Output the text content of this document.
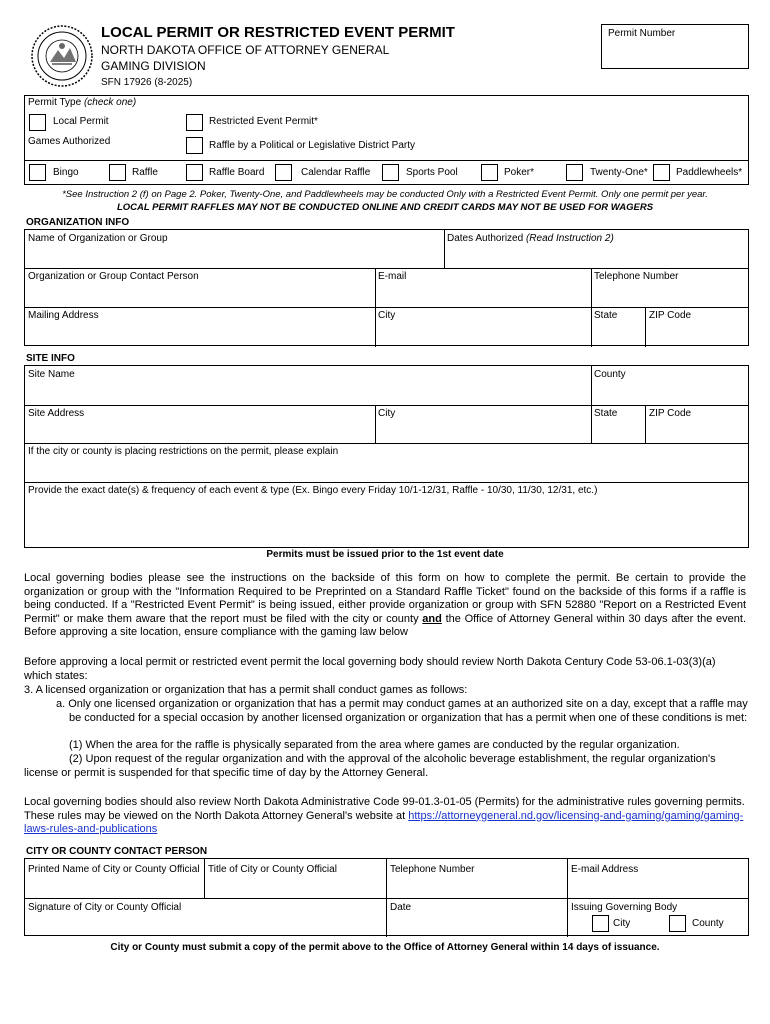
LOCAL PERMIT OR RESTRICTED EVENT PERMIT
NORTH DAKOTA OFFICE OF ATTORNEY GENERAL
GAMING DIVISION
SFN 17926 (8-2025)
Permit Number
Permit Type (check one)
Local Permit	Restricted Event Permit*
Games Authorized	Raffle by a Political or Legislative District Party
Bingo	Raffle	Raffle Board	Calendar Raffle	Sports Pool	Poker*	Twenty-One*	Paddlewheels*
*See Instruction 2 (f) on Page 2. Poker, Twenty-One, and Paddlewheels may be conducted Only with a Restricted Event Permit. Only one permit per year.
LOCAL PERMIT RAFFLES MAY NOT BE CONDUCTED ONLINE AND CREDIT CARDS MAY NOT BE USED FOR WAGERS
ORGANIZATION INFO
Name of Organization or Group	Dates Authorized (Read Instruction 2)
Organization or Group Contact Person	E-mail	Telephone Number
Mailing Address	City	State	ZIP Code
SITE INFO
Site Name	County
Site Address	City	State	ZIP Code
If the city or county is placing restrictions on the permit, please explain
Provide the exact date(s) & frequency of each event & type (Ex. Bingo every Friday 10/1-12/31, Raffle - 10/30, 11/30, 12/31, etc.)
Permits must be issued prior to the 1st event date
Local governing bodies please see the instructions on the backside of this form on how to complete the permit. Be certain to provide the organization or group with the "Information Required to be Preprinted on a Standard Raffle Ticket" found on the backside of this forms if a raffle is being conducted. If a "Restricted Event Permit" is being issued, either provide organization or group with SFN 52880 "Report on a Restricted Event Permit" or make them aware that the report must be filed with the city or county and the Office of Attorney General within 30 days after the event. Before approving a site location, ensure compliance with the gaming law below
Before approving a local permit or restricted event permit the local governing body should review North Dakota Century Code 53-06.1-03(3)(a) which states:
3. A licensed organization or organization that has a permit shall conduct games as follows:
a. Only one licensed organization or organization that has a permit may conduct games at an authorized site on a day, except that a raffle may be conducted for a special occasion by another licensed organization or organization that has a permit when one of these conditions is met:
(1) When the area for the raffle is physically separated from the area where games are conducted by the regular organization.
(2) Upon request of the regular organization and with the approval of the alcoholic beverage establishment, the regular organization's license or permit is suspended for that specific time of day by the Attorney General.
Local governing bodies should also review North Dakota Administrative Code 99-01.3-01-05 (Permits) for the administrative rules governing permits. These rules may be viewed on the North Dakota Attorney General's website at https://attorneygeneral.nd.gov/licensing-and-gaming/gaming/gaming-laws-rules-and-publications
CITY OR COUNTY CONTACT PERSON
Printed Name of City or County Official Title of City or County Official	Telephone Number	E-mail Address
Signature of City or County Official	Date	Issuing Governing Body
City	County
City or County must submit a copy of the permit above to the Office of Attorney General within 14 days of issuance.
